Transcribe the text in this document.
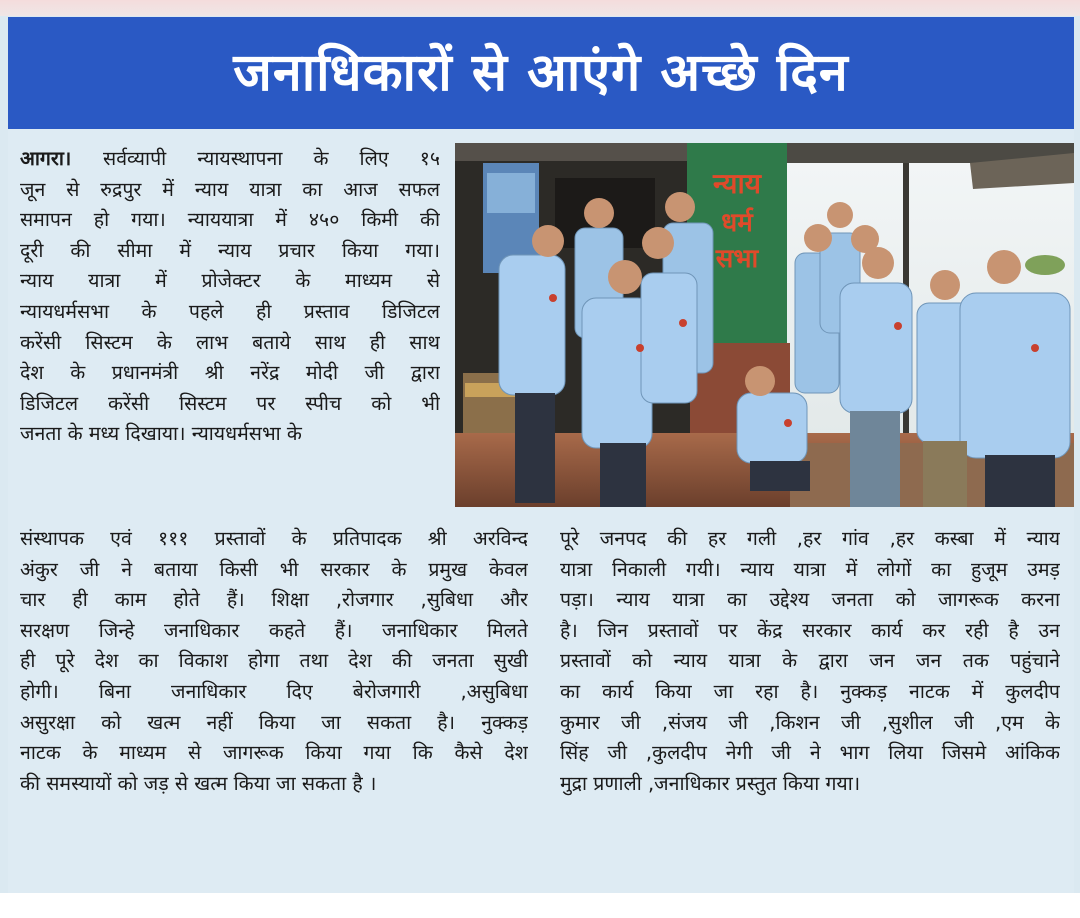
जनाधिकारों से आएंगे अच्छे दिन
आगरा। सर्वव्यापी न्यायस्थापना के लिए १५
जून से रुद्रपुर में न्याय यात्रा का आज सफल
समापन हो गया। न्याययात्रा में ४५० किमी की
दूरी की सीमा में न्याय प्रचार किया गया।
न्याय यात्रा में प्रोजेक्टर के माध्यम से
न्यायधर्मसभा के पहले ही प्रस्ताव डिजिटल
करेंसी सिस्टम के लाभ बताये साथ ही साथ
देश के प्रधानमंत्री श्री नरेंद्र मोदी जी द्वारा
डिजिटल करेंसी सिस्टम पर स्पीच को भी
जनता के मध्य दिखाया। न्यायधर्मसभा के
संस्थापक एवं १११ प्रस्तावों के प्रतिपादक श्री अरविन्द
अंकुर जी ने बताया किसी भी सरकार के प्रमुख केवल
चार ही काम होते हैं। शिक्षा ,रोजगार ,सुबिधा और
सरक्षण जिन्हे जनाधिकार कहते हैं। जनाधिकार मिलते
ही पूरे देश का विकाश होगा तथा देश की जनता सुखी
होगी। बिना जनाधिकार दिए बेरोजगारी ,असुबिधा
असुरक्षा को खत्म नहीं किया जा सकता है। नुक्कड़
नाटक के माध्यम से जागरूक किया गया कि कैसे देश
की समस्यायों को जड़ से खत्म किया जा सकता है ।
पूरे जनपद की हर गली ,हर गांव ,हर कस्बा में न्याय
यात्रा निकाली गयी। न्याय यात्रा में लोगों का हुजूम उमड़
पड़ा। न्याय यात्रा का उद्देश्य जनता को जागरूक करना
है। जिन प्रस्तावों पर केंद्र सरकार कार्य कर रही है उन
प्रस्तावों को न्याय यात्रा के द्वारा जन जन तक पहुंचाने
का कार्य किया जा रहा है। नुक्कड़ नाटक में कुलदीप
कुमार जी ,संजय जी ,किशन जी ,सुशील जी ,एम के
सिंह जी ,कुलदीप नेगी जी ने भाग लिया जिसमे आंकिक
मुद्रा प्रणाली ,जनाधिकार प्रस्तुत किया गया।
न्याय
धर्म
सभा
